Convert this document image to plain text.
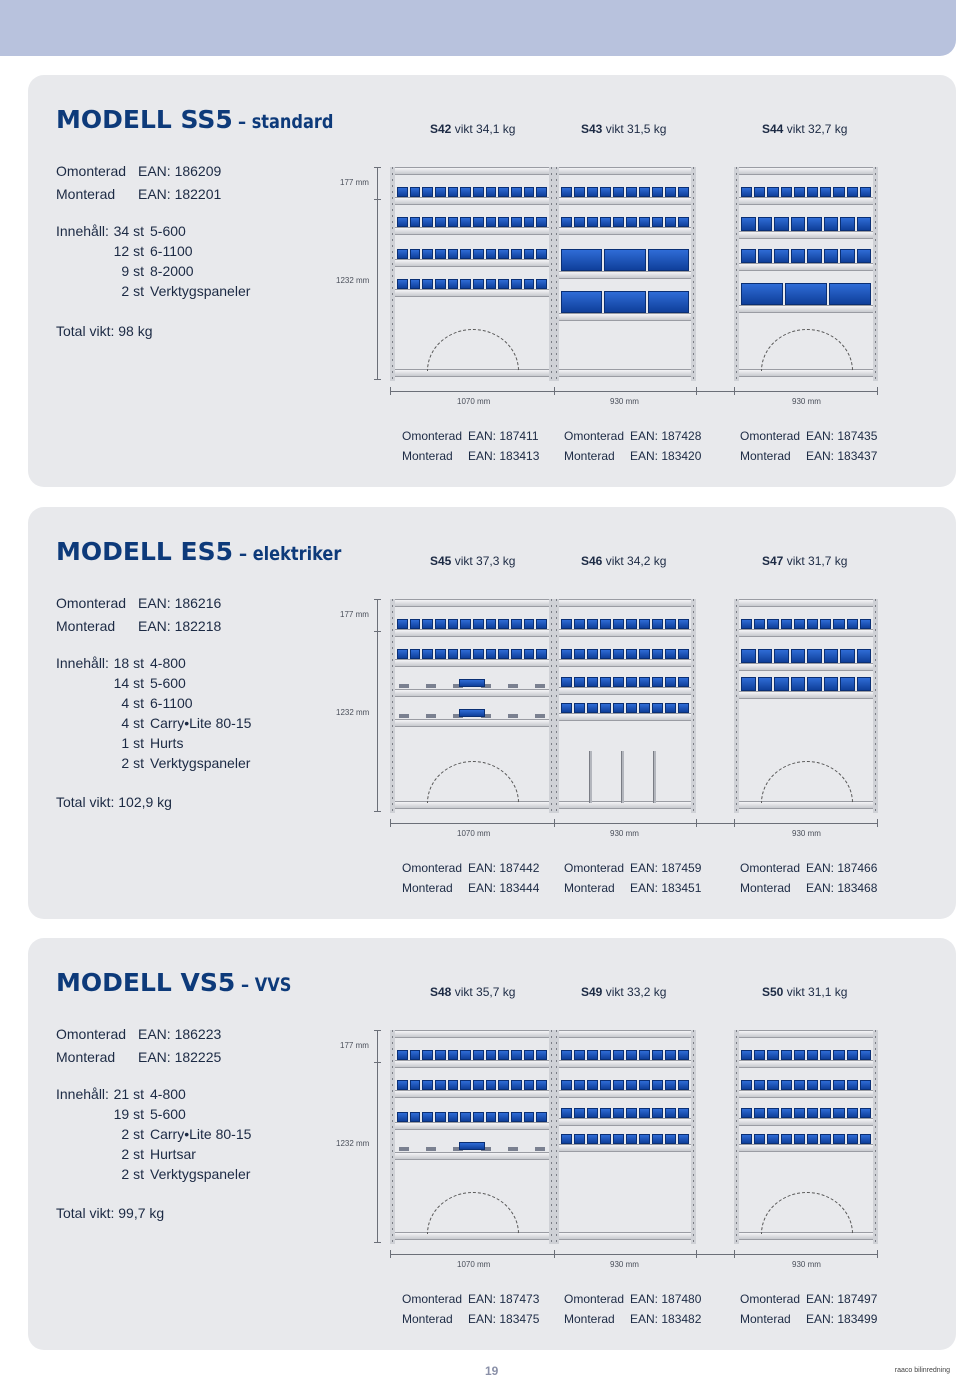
MODELL SS5 – standard	S42 vikt 34,1 kg	S43 vikt 31,5 kg	S44 vikt 32,7 kg
Omonterad EAN: 186209
Monterad EAN: 182201
Innehåll: 34 st 5-600
12 st 6-1100
9 st 8-2000
2 st Verktygspaneler
Total vikt: 98 kg
177 mm
1232 mm
1070 mm	930 mm	930 mm
Omonterad EAN: 187411
Monterad EAN: 183413
Omonterad EAN: 187428
Monterad EAN: 183420
Omonterad EAN: 187435
Monterad EAN: 183437
MODELL ES5 – elektriker	S45 vikt 37,3 kg	S46 vikt 34,2 kg	S47 vikt 31,7 kg
Omonterad EAN: 186216
Monterad EAN: 182218
Innehåll: 18 st 4-800
14 st 5-600
4 st 6-1100
4 st Carry•Lite 80-15
1 st Hurts
2 st Verktygspaneler
Total vikt: 102,9 kg
177 mm
1232 mm
1070 mm	930 mm	930 mm
Omonterad EAN: 187442
Monterad EAN: 183444
Omonterad EAN: 187459
Monterad EAN: 183451
Omonterad EAN: 187466
Monterad EAN: 183468
MODELL VS5 – VVS	S48 vikt 35,7 kg	S49 vikt 33,2 kg	S50 vikt 31,1 kg
Omonterad EAN: 186223
Monterad EAN: 182225
Innehåll: 21 st 4-800
19 st 5-600
2 st Carry•Lite 80-15
2 st Hurtsar
2 st Verktygspaneler
Total vikt: 99,7 kg
177 mm
1232 mm
1070 mm	930 mm	930 mm
Omonterad EAN: 187473
Monterad EAN: 183475
Omonterad EAN: 187480
Monterad EAN: 183482
Omonterad EAN: 187497
Monterad EAN: 183499
19	raaco bilinredning
